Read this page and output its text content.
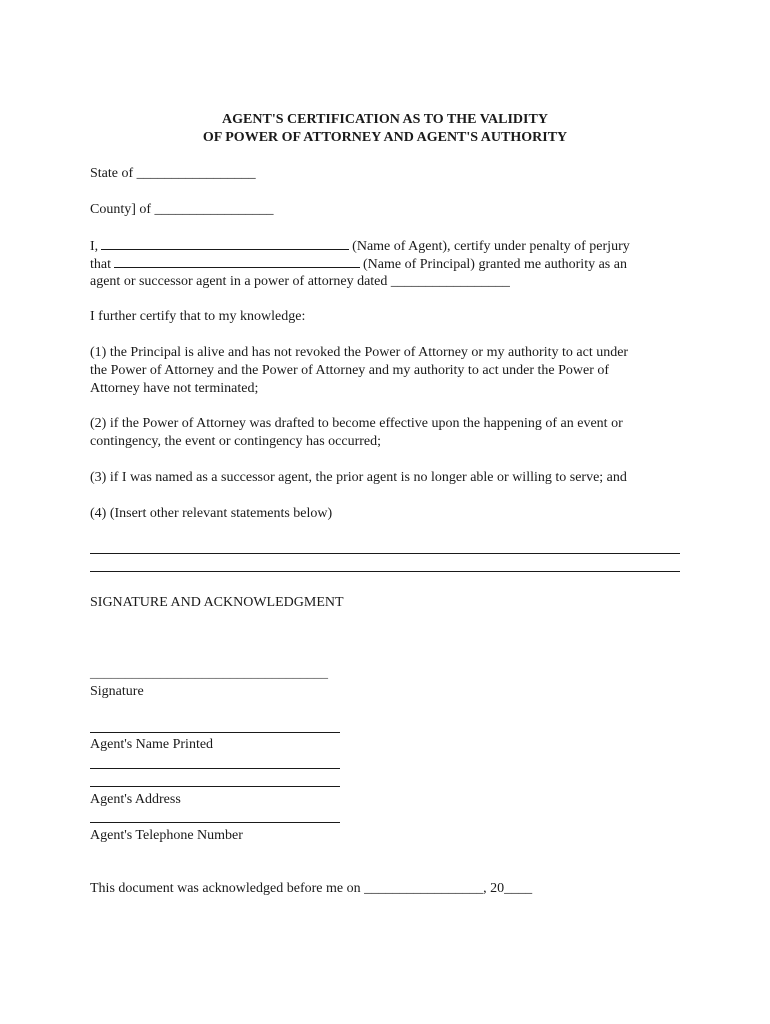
AGENT'S CERTIFICATION AS TO THE VALIDITY
OF POWER OF ATTORNEY AND AGENT'S AUTHORITY
State of _________________
County] of _________________
I,	(Name of Agent), certify under penalty of perjury
that	(Name of Principal) granted me authority as an
agent or successor agent in a power of attorney dated _________________
I further certify that to my knowledge:
(1) the Principal is alive and has not revoked the Power of Attorney or my authority to act under
the Power of Attorney and the Power of Attorney and my authority to act under the Power of
Attorney have not terminated;
(2) if the Power of Attorney was drafted to become effective upon the happening of an event or
contingency, the event or contingency has occurred;
(3) if I was named as a successor agent, the prior agent is no longer able or willing to serve; and
(4) (Insert other relevant statements below)
SIGNATURE AND ACKNOWLEDGMENT
__________________________________
Signature
Agent's Name Printed
Agent's Address
Agent's Telephone Number
This document was acknowledged before me on _________________, 20____
